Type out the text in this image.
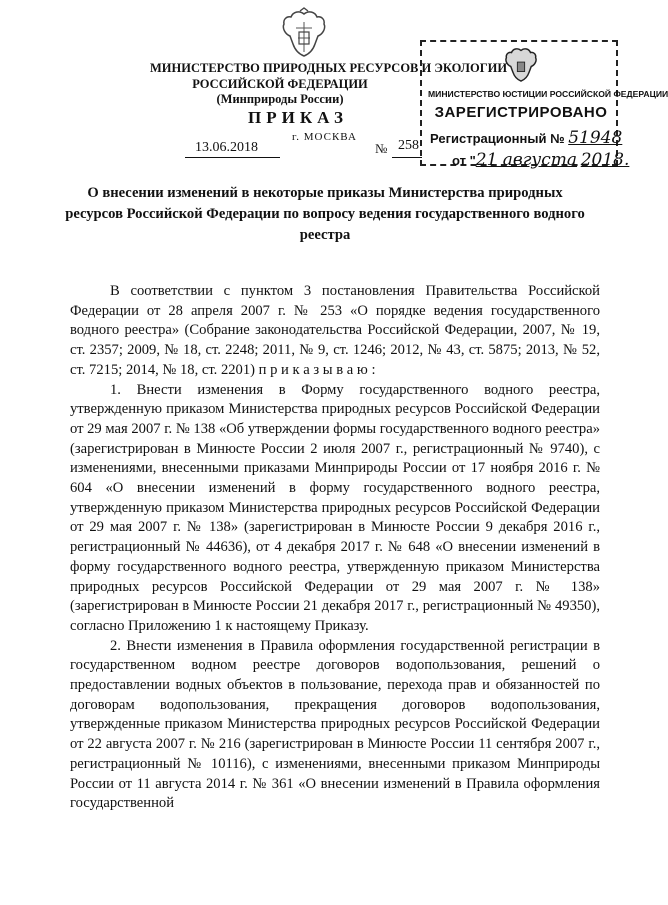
МИНИСТЕРСТВО ПРИРОДНЫХ РЕСУРСОВ И ЭКОЛОГИИ
РОССИЙСКОЙ ФЕДЕРАЦИИ
(Минприроды России)
ПРИКАЗ
г. МОСКВА
13.06.2018	№ 258
МИНИСТЕРСТВО ЮСТИЦИИ РОССИЙСКОЙ ФЕДЕРАЦИИ
ЗАРЕГИСТРИРОВАНО
Регистрационный № 51948
от "21 августа 2018.
О внесении изменений в некоторые приказы Министерства природных ресурсов Российской Федерации по вопросу ведения государственного водного реестра

В соответствии с пунктом 3 постановления Правительства Российской Федерации от 28 апреля 2007 г. № 253 «О порядке ведения государственного водного реестра» (Собрание законодательства Российской Федерации, 2007, № 19, ст. 2357; 2009, № 18, ст. 2248; 2011, № 9, ст. 1246; 2012, № 43, ст. 5875; 2013, № 52, ст. 7215; 2014, № 18, ст. 2201) п р и к а з ы в а ю :

1. Внести изменения в Форму государственного водного реестра, утвержденную приказом Министерства природных ресурсов Российской Федерации от 29 мая 2007 г. № 138 «Об утверждении формы государственного водного реестра» (зарегистрирован в Минюсте России 2 июля 2007 г., регистрационный № 9740), с изменениями, внесенными приказами Минприроды России от 17 ноября 2016 г. № 604 «О внесении изменений в форму государственного водного реестра, утвержденную приказом Министерства природных ресурсов Российской Федерации от 29 мая 2007 г. № 138» (зарегистрирован в Минюсте России 9 декабря 2016 г., регистрационный № 44636), от 4 декабря 2017 г. № 648 «О внесении изменений в форму государственного водного реестра, утвержденную приказом Министерства природных ресурсов Российской Федерации от 29 мая 2007 г. № 138» (зарегистрирован в Минюсте России 21 декабря 2017 г., регистрационный № 49350), согласно Приложению 1 к настоящему Приказу.

2. Внести изменения в Правила оформления государственной регистрации в государственном водном реестре договоров водопользования, решений о предоставлении водных объектов в пользование, перехода прав и обязанностей по договорам водопользования, прекращения договоров водопользования, утвержденные приказом Министерства природных ресурсов Российской Федерации от 22 августа 2007 г. № 216 (зарегистрирован в Минюсте России 11 сентября 2007 г., регистрационный № 10116), с изменениями, внесенными приказом Минприроды России от 11 августа 2014 г. № 361 «О внесении изменений в Правила оформления государственной
